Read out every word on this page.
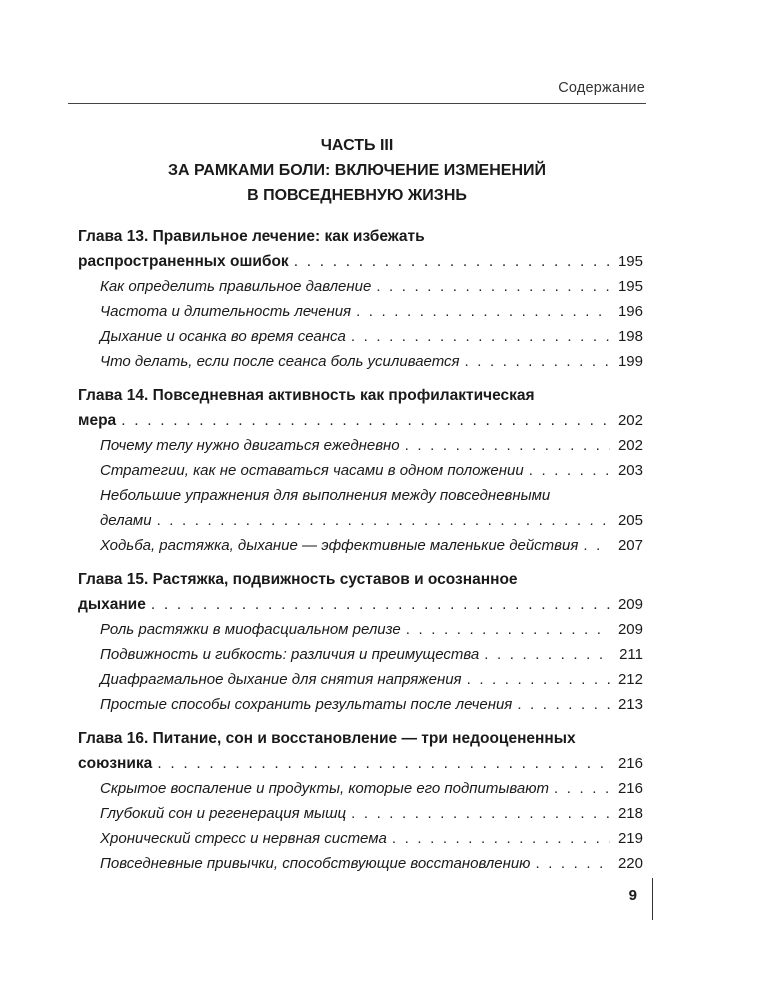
Содержание
ЧАСТЬ III
ЗА РАМКАМИ БОЛИ: ВКЛЮЧЕНИЕ ИЗМЕНЕНИЙ
В ПОВСЕДНЕВНУЮ ЖИЗНЬ
Глава 13. Правильное лечение: как избежать
распространенных ошибок . . .	195
Как определить правильное давление . . .	195
Частота и длительность лечения . . .	196
Дыхание и осанка во время сеанса . . .	198
Что делать, если после сеанса боль усиливается . . .	199
Глава 14. Повседневная активность как профилактическая
мера . . .	202
Почему телу нужно двигаться ежедневно . . .	202
Стратегии, как не оставаться часами в одном положении . . .	203
Небольшие упражнения для выполнения между повседневными
делами . . .	205
Ходьба, растяжка, дыхание — эффективные маленькие действия . . .	207
Глава 15. Растяжка, подвижность суставов и осознанное
дыхание . . .	209
Роль растяжки в миофасциальном релизе . . .	209
Подвижность и гибкость: различия и преимущества . . .	211
Диафрагмальное дыхание для снятия напряжения . . .	212
Простые способы сохранить результаты после лечения . . .	213
Глава 16. Питание, сон и восстановление — три недооцененных
союзника . . .	216
Скрытое воспаление и продукты, которые его подпитывают . . .	216
Глубокий сон и регенерация мышц . . .	218
Хронический стресс и нервная система . . .	219
Повседневные привычки, способствующие восстановлению . . .	220
9
